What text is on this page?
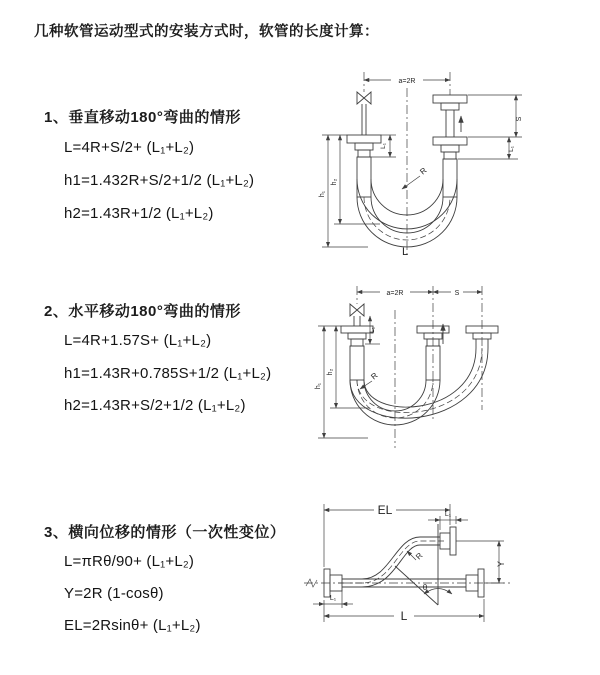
几种软管运动型式的安装方式时，软管的长度计算：
1、垂直移动180°弯曲的情形
L=4R+S/2+ (L₁+L₂)
h1=1.432R+S/2+1/2 (L₁+L₂)
h2=1.43R+1/2 (L₁+L₂)
2、水平移动180°弯曲的情形
L=4R+1.57S+ (L₁+L₂)
h1=1.43R+0.785S+1/2 (L₁+L₂)
h2=1.43R+S/2+1/2 (L₁+L₂)
3、横向位移的情形（一次性变位）
L=πRθ/90+ (L₁+L₂)
Y=2R (1-cosθ)
EL=2Rsinθ+ (L₁+L₂)
a=2R
S
L₁
L₁
h₁
h₂
R
L
a=2R	S
h₁
h₂
L₁
R
EL	L₁
Y
L
L₁
R
θ
